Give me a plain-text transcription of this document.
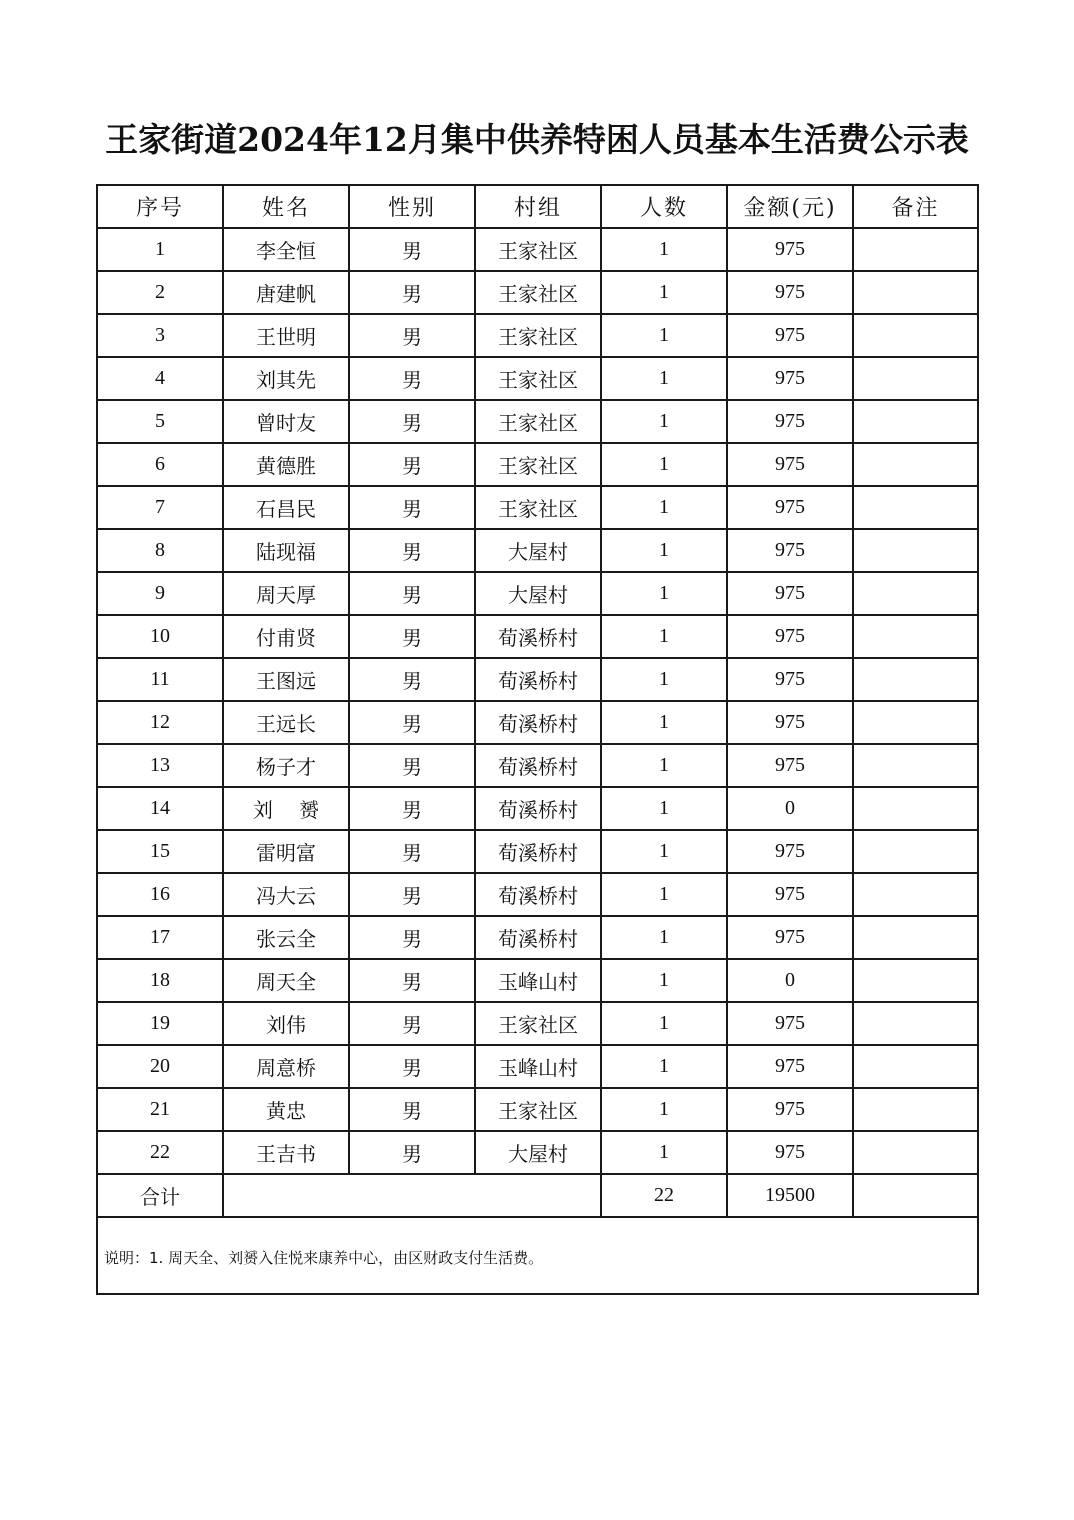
王家街道2024年12月集中供养特困人员基本生活费公示表
序号	姓名	性别	村组	人数	金额(元)	备注
1	李全恒	男	王家社区	1	975	
2	唐建帆	男	王家社区	1	975	
3	王世明	男	王家社区	1	975	
4	刘其先	男	王家社区	1	975	
5	曾时友	男	王家社区	1	975	
6	黄德胜	男	王家社区	1	975	
7	石昌民	男	王家社区	1	975	
8	陆现福	男	大屋村	1	975	
9	周天厚	男	大屋村	1	975	
10	付甫贤	男	荀溪桥村	1	975	
11	王图远	男	荀溪桥村	1	975	
12	王远长	男	荀溪桥村	1	975	
13	杨子才	男	荀溪桥村	1	975	
14	刘　 赟	男	荀溪桥村	1	0	
15	雷明富	男	荀溪桥村	1	975	
16	冯大云	男	荀溪桥村	1	975	
17	张云全	男	荀溪桥村	1	975	
18	周天全	男	玉峰山村	1	0	
19	刘伟	男	王家社区	1	975	
20	周意桥	男	玉峰山村	1	975	
21	黄忠	男	王家社区	1	975	
22	王吉书	男	大屋村	1	975	
合计				22	19500	
说明：1. 周天全、刘赟入住悦来康养中心，由区财政支付生活费。						
